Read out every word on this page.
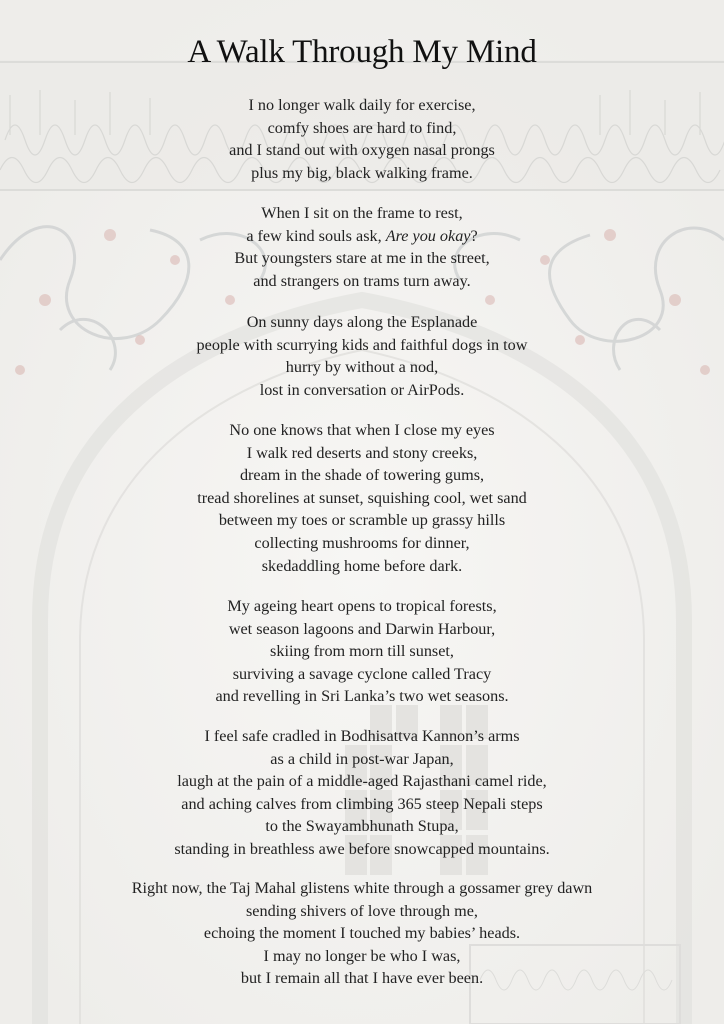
A Walk Through My Mind
I no longer walk daily for exercise,
comfy shoes are hard to find,
and I stand out with oxygen nasal prongs
plus my big, black walking frame.
When I sit on the frame to rest,
a few kind souls ask, Are you okay?
But youngsters stare at me in the street,
and strangers on trams turn away.
On sunny days along the Esplanade
people with scurrying kids and faithful dogs in tow
hurry by without a nod,
lost in conversation or AirPods.
No one knows that when I close my eyes
I walk red deserts and stony creeks,
dream in the shade of towering gums,
tread shorelines at sunset, squishing cool, wet sand
between my toes or scramble up grassy hills
collecting mushrooms for dinner,
skedaddling home before dark.
My ageing heart opens to tropical forests,
wet season lagoons and Darwin Harbour,
skiing from morn till sunset,
surviving a savage cyclone called Tracy
and revelling in Sri Lanka’s two wet seasons.
I feel safe cradled in Bodhisattva Kannon’s arms
as a child in post-war Japan,
laugh at the pain of a middle-aged Rajasthani camel ride,
and aching calves from climbing 365 steep Nepali steps
to the Swayambhunath Stupa,
standing in breathless awe before snowcapped mountains.
Right now, the Taj Mahal glistens white through a gossamer grey dawn
sending shivers of love through me,
echoing the moment I touched my babies’ heads.
I may no longer be who I was,
but I remain all that I have ever been.
